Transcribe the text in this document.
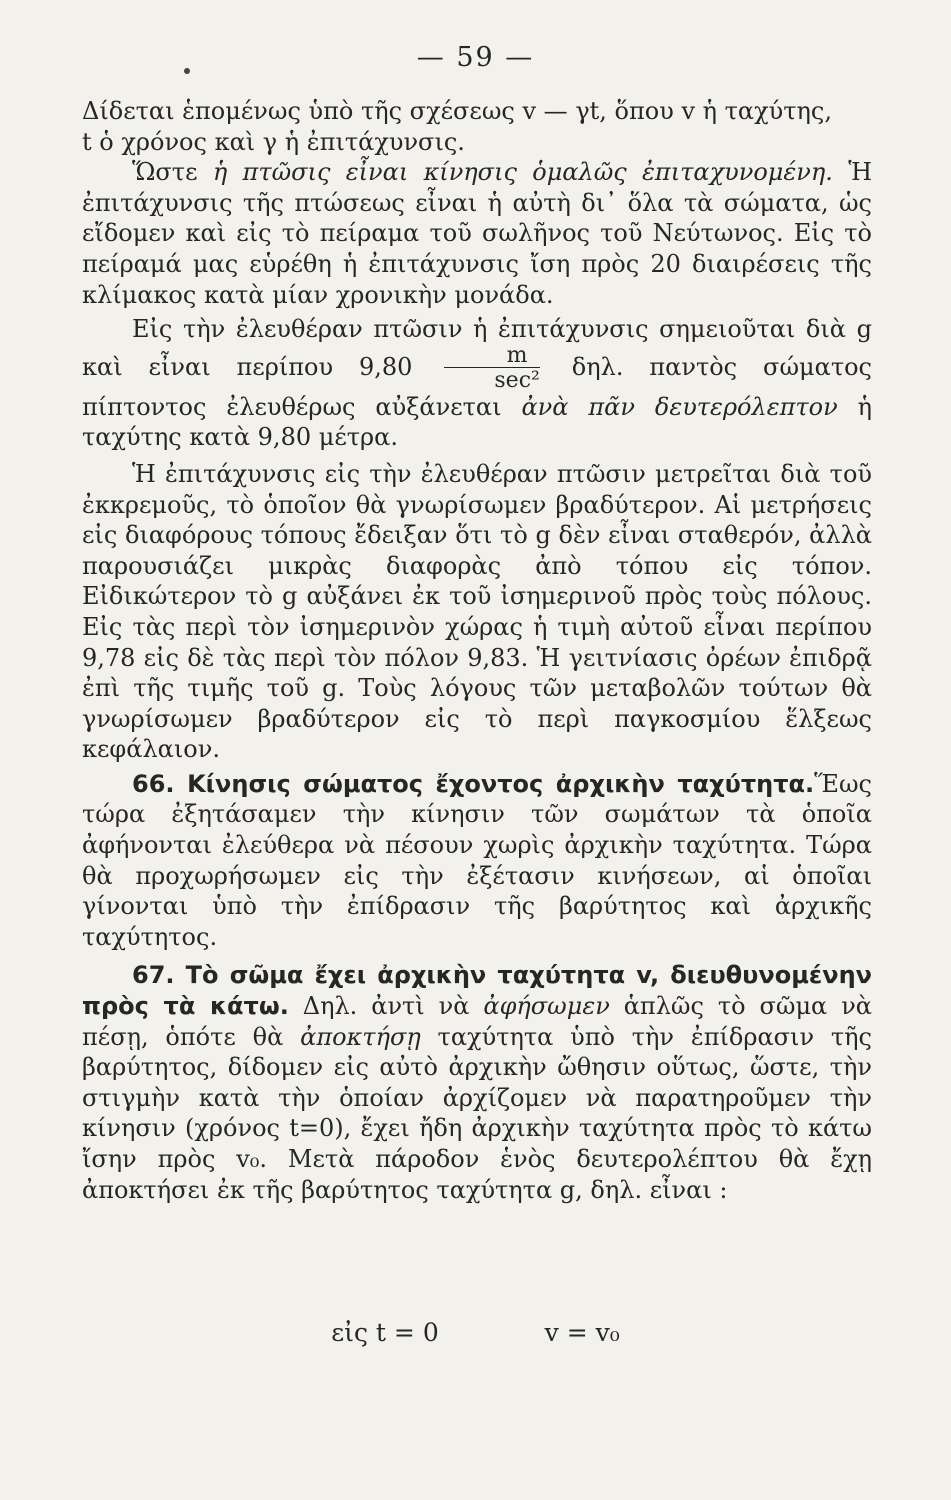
— 59 —
Δίδεται ἑπομένως ὑπὸ τῆς σχέσεως v — γt, ὅπου v ἡ ταχύτης,
t ὁ χρόνος καὶ γ ἡ ἐπιτάχυνσις.
Ὥστε ἡ πτῶσις εἶναι κίνησις ὁμαλῶς ἐπιταχυνομένη. Ἡ ἐπιτάχυνσις τῆς πτώσεως εἶναι ἡ αὐτὴ δι᾽ ὅλα τὰ σώματα, ὡς εἴδομεν καὶ εἰς τὸ πείραμα τοῦ σωλῆνος τοῦ Νεύτωνος. Εἰς τὸ πείραμά μας εὑρέθη ἡ ἐπιτάχυνσις ἴση πρὸς 20 διαιρέσεις τῆς κλίμακος κατὰ μίαν χρονικὴν μονάδα.
Εἰς τὴν ἐλευθέραν πτῶσιν ἡ ἐπιτάχυνσις σημειοῦται διὰ g καὶ εἶναι περίπου $9,80 \frac{m}{\text{sec²}} \delta\eta\lambda$. παντὸς σώματος πίπτοντος ἐλευθέρως αὐξάνεται ἀνὰ πᾶν δευτερόλεπτον ἡ ταχύτης κατὰ 9,80 μέτρα.
Ἡ ἐπιτάχυνσις εἰς τὴν ἐλευθέραν πτῶσιν μετρεῖται διὰ τοῦ ἐκκρεμοῦς, τὸ ὁποῖον θὰ γνωρίσωμεν βραδύτερον. Αἱ μετρήσεις εἰς διαφόρους τόπους ἔδειξαν ὅτι τὸ g δὲν εἶναι σταθερόν, ἀλλὰ παρουσιάζει μικρὰς διαφορὰς ἀπὸ τόπου εἰς τόπον. Εἰδικώτερον τὸ g αὐξάνει ἐκ τοῦ ἰσημερινοῦ πρὸς τοὺς πόλους. Εἰς τὰς περὶ τὸν ἰσημερινὸν χώρας ἡ τιμὴ αὐτοῦ εἶναι περίπου 9,78 εἰς δὲ τὰς περὶ τὸν πόλον 9,83. Ἡ γειτνίασις ὀρέων ἐπιδρᾷ ἐπὶ τῆς τιμῆς τοῦ g. Τοὺς λόγους τῶν μεταβολῶν τούτων θὰ γνωρίσωμεν βραδύτερον εἰς τὸ περὶ παγκοσμίου ἕλξεως κεφάλαιον.
66. Κίνησις σώματος ἔχοντος ἀρχικὴν ταχύτητα.Ἕως τώρα ἐξητάσαμεν τὴν κίνησιν τῶν σωμάτων τὰ ὁποῖα ἀφήνονται ἐλεύθερα νὰ πέσουν χωρὶς ἀρχικὴν ταχύτητα. Τώρα θὰ προχωρήσωμεν εἰς τὴν ἐξέτασιν κινήσεων, αἱ ὁποῖαι γίνονται ὑπὸ τὴν ἐπίδρασιν τῆς βαρύτητος καὶ ἀρχικῆς ταχύτητος.
67. Τὸ σῶμα ἔχει ἀρχικὴν ταχύτητα v, διευθυνομένην πρὸς τὰ κάτω. Δηλ. ἀντὶ νὰ ἀφήσωμεν ἁπλῶς τὸ σῶμα νὰ πέσῃ, ὁπότε θὰ ἀποκτήσῃ ταχύτητα ὑπὸ τὴν ἐπίδρασιν τῆς βαρύτητος, δίδομεν εἰς αὐτὸ ἀρχικὴν ὤθησιν οὕτως, ὥστε, τὴν στιγμὴν κατὰ τὴν ὁποίαν ἀρχίζομεν νὰ παρατηροῦμεν τὴν κίνησιν (χρόνος t=0), ἔχει ἤδη ἀρχικὴν ταχύτητα πρὸς τὸ κάτω ἴσην πρὸς v₀. Μετὰ πάροδον ἑνὸς δευτερολέπτου θὰ ἔχῃ ἀποκτήσει ἐκ τῆς βαρύτητος ταχύτητα g, δηλ. εἶναι :
εἰς t = 0	v = v₀
